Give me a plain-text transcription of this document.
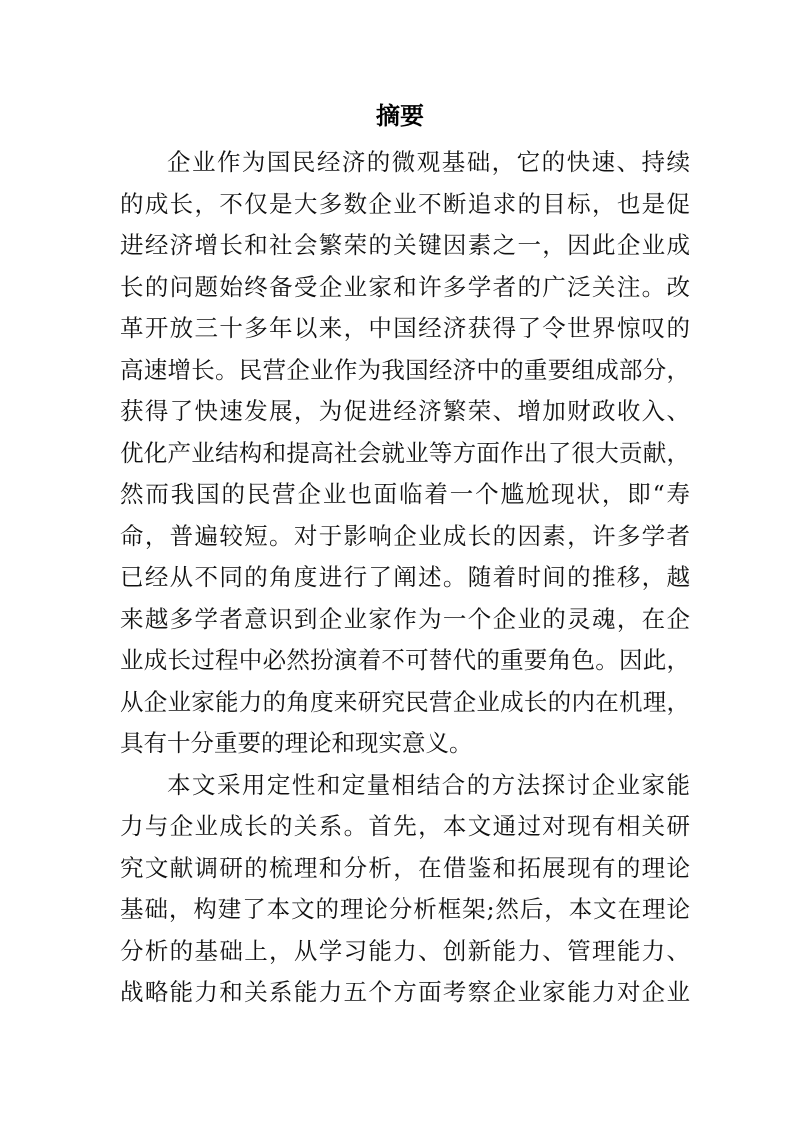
摘要
企业作为国民经济的微观基础，它的快速、持续
的成长，不仅是大多数企业不断追求的目标，也是促
进经济增长和社会繁荣的关键因素之一，因此企业成
长的问题始终备受企业家和许多学者的广泛关注。改
革开放三十多年以来，中国经济获得了令世界惊叹的
高速增长。民营企业作为我国经济中的重要组成部分，
获得了快速发展，为促进经济繁荣、增加财政收入、
优化产业结构和提高社会就业等方面作出了很大贡献，
然而我国的民营企业也面临着一个尴尬现状，即“寿
命，普遍较短。对于影响企业成长的因素，许多学者
已经从不同的角度进行了阐述。随着时间的推移，越
来越多学者意识到企业家作为一个企业的灵魂，在企
业成长过程中必然扮演着不可替代的重要角色。因此，
从企业家能力的角度来研究民营企业成长的内在机理，
具有十分重要的理论和现实意义。
本文采用定性和定量相结合的方法探讨企业家能
力与企业成长的关系。首先，本文通过对现有相关研
究文献调研的梳理和分析，在借鉴和拓展现有的理论
基础，构建了本文的理论分析框架;然后，本文在理论
分析的基础上，从学习能力、创新能力、管理能力、
战略能力和关系能力五个方面考察企业家能力对企业
